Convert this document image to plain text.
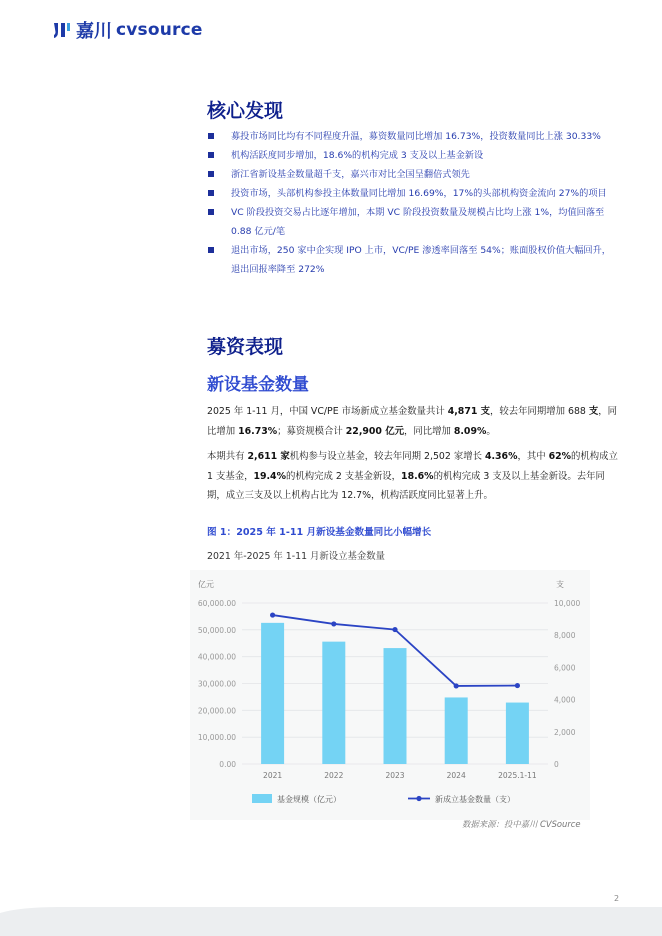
嘉川 cvsource
核心发现
募投市场同比均有不同程度升温，募资数量同比增加 16.73%，投资数量同比上涨 30.33%
机构活跃度同步增加，18.6%的机构完成 3 支及以上基金新设
浙江省新设基金数量超千支，嘉兴市对比全国呈翻倍式领先
投资市场，头部机构参投主体数量同比增加 16.69%，17%的头部机构资金流向 27%的项目
VC 阶段投资交易占比逐年增加，本期 VC 阶段投资数量及规模占比均上涨 1%，均值回落至 0.88 亿元/笔
退出市场，250 家中企实现 IPO 上市，VC/PE 渗透率回落至 54%；账面股权价值大幅回升，退出回报率降至 272%
募资表现
新设基金数量
2025 年 1-11 月，中国 VC/PE 市场新成立基金数量共计 4,871 支，较去年同期增加 688 支，同比增加 16.73%；募资规模合计 22,900 亿元，同比增加 8.09%。
本期共有 2,611 家机构参与设立基金，较去年同期 2,502 家增长 4.36%，其中 62%的机构成立 1 支基金，19.4%的机构完成 2 支基金新设，18.6%的机构完成 3 支及以上基金新设。去年同期，成立三支及以上机构占比为 12.7%，机构活跃度同比显著上升。
图 1：2025 年 1-11 月新设基金数量同比小幅增长
2021 年-2025 年 1-11 月新设立基金数量
亿元	支
0.00
10,000.00
20,000.00
30,000.00
40,000.00
50,000.00
60,000.00
0
2,000
4,000
6,000
8,000
10,000
2021	2022	2023	2024	2025.1-11
基金规模（亿元）	新成立基金数量（支）
数据来源：投中嘉川 CVSource
2
